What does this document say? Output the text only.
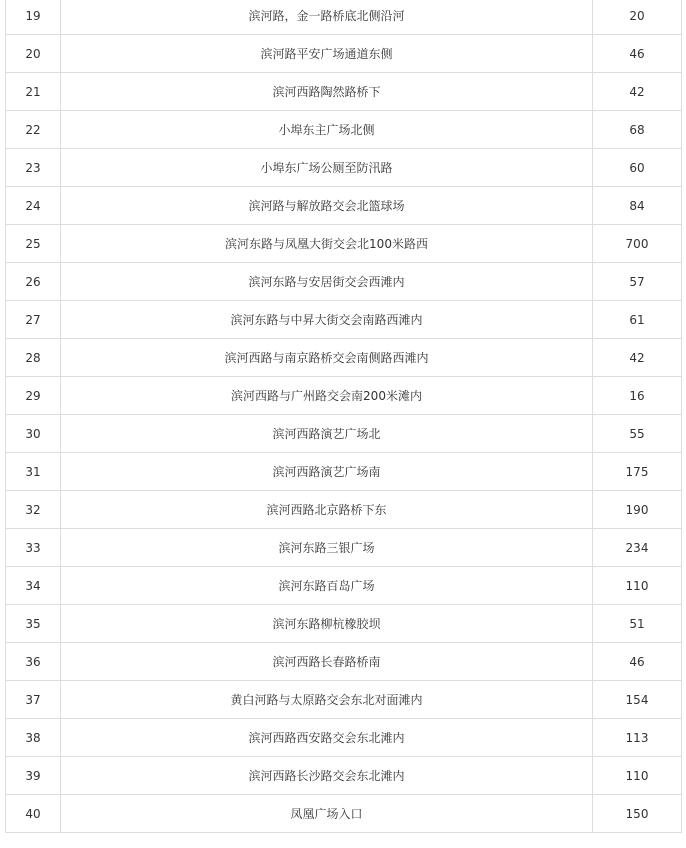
19	滨河路，金一路桥底北侧沿河	20
20	滨河路平安广场通道东侧	46
21	滨河西路陶然路桥下	42
22	小埠东主广场北侧	68
23	小埠东广场公厕至防汛路	60
24	滨河路与解放路交会北篮球场	84
25	滨河东路与凤凰大街交会北100米路西	700
26	滨河东路与安居街交会西滩内	57
27	滨河东路与中昇大街交会南路西滩内	61
28	滨河西路与南京路桥交会南侧路西滩内	42
29	滨河西路与广州路交会南200米滩内	16
30	滨河西路演艺广场北	55
31	滨河西路演艺广场南	175
32	滨河西路北京路桥下东	190
33	滨河东路三银广场	234
34	滨河东路百岛广场	110
35	滨河东路柳杭橡胶坝	51
36	滨河西路长春路桥南	46
37	黄白河路与太原路交会东北对面滩内	154
38	滨河西路西安路交会东北滩内	113
39	滨河西路长沙路交会东北滩内	110
40	凤凰广场入口	150
